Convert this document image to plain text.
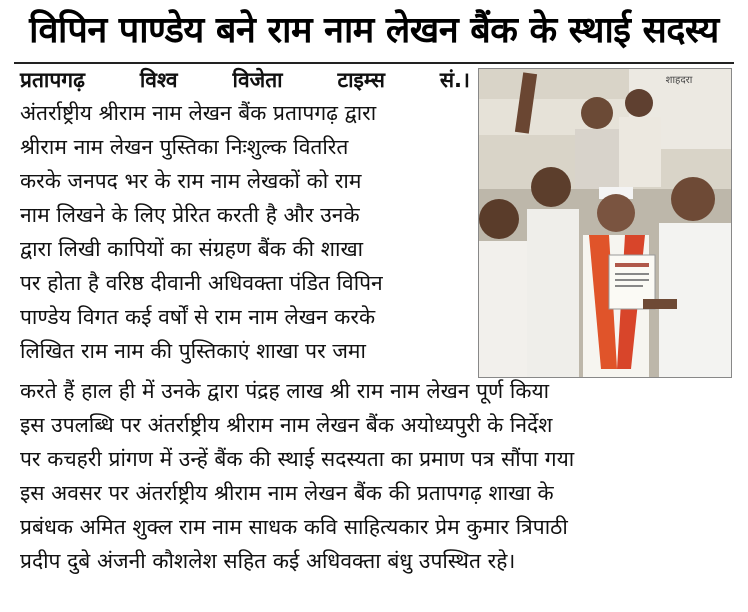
विपिन पाण्डेय बने राम नाम लेखन बैंक के स्थाई सदस्य
प्रतापगढ़	विश्व	विजेता	टाइम्स	सं.।
अंतर्राष्ट्रीय श्रीराम नाम लेखन बैंक प्रतापगढ़ द्वारा
श्रीराम नाम लेखन पुस्तिका निःशुल्क वितरित
करके जनपद भर के राम नाम लेखकों को राम
नाम लिखने के लिए प्रेरित करती है और उनके
द्वारा लिखी कापियों का संग्रहण बैंक की शाखा
पर होता है वरिष्ठ दीवानी अधिवक्ता पंडित विपिन
पाण्डेय विगत कई वर्षों से राम नाम लेखन करके
लिखित राम नाम की पुस्तिकाएं शाखा पर जमा
करते हैं हाल ही में उनके द्वारा पंद्रह लाख श्री राम नाम लेखन पूर्ण किया
इस उपलब्धि पर अंतर्राष्ट्रीय श्रीराम नाम लेखन बैंक अयोध्यपुरी के निर्देश
पर कचहरी प्रांगण में उन्हें बैंक की स्थाई सदस्यता का प्रमाण पत्र सौंपा गया
इस अवसर पर अंतर्राष्ट्रीय श्रीराम नाम लेखन बैंक की प्रतापगढ़ शाखा के
प्रबंधक अमित शुक्ल राम नाम साधक कवि साहित्यकार प्रेम कुमार त्रिपाठी
प्रदीप दुबे अंजनी कौशलेश सहित कई अधिवक्ता बंधु उपस्थित रहे।
शाहदरा
